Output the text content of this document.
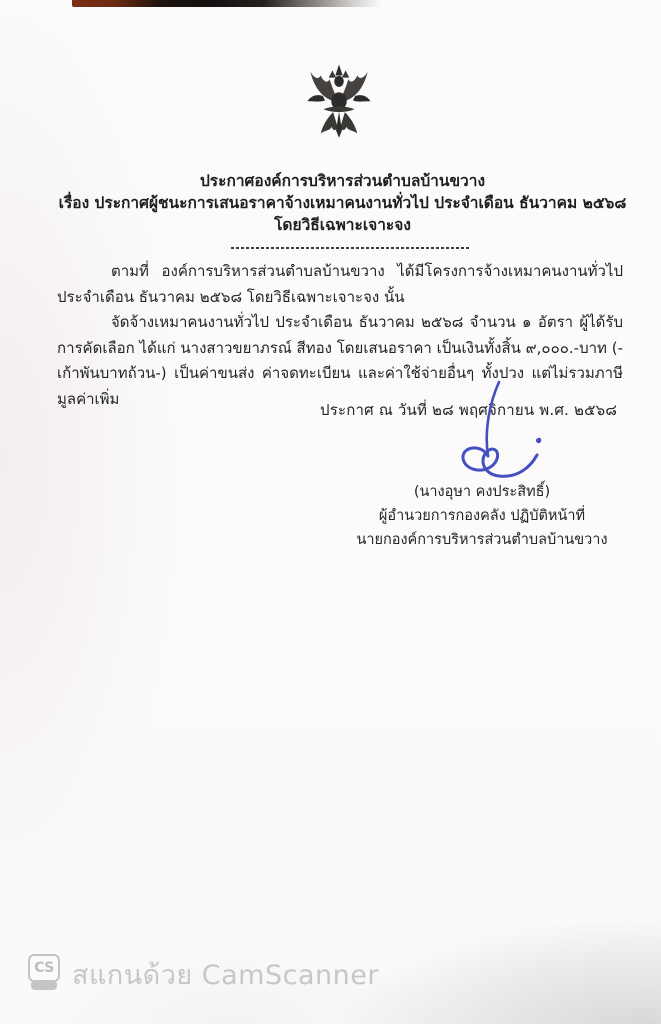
ประกาศองค์การบริหารส่วนตำบลบ้านขวาง
เรื่อง ประกาศผู้ชนะการเสนอราคาจ้างเหมาคนงานทั่วไป ประจำเดือน ธันวาคม ๒๕๖๘
โดยวิธีเฉพาะเจาะจง

ตามที่ องค์การบริหารส่วนตำบลบ้านขวาง ได้มีโครงการจ้างเหมาคนงานทั่วไป ประจำเดือน ธันวาคม ๒๕๖๘ โดยวิธีเฉพาะเจาะจง นั้น

จัดจ้างเหมาคนงานทั่วไป ประจำเดือน ธันวาคม ๒๕๖๘ จำนวน ๑ อัตรา ผู้ได้รับการคัดเลือก ได้แก่ นางสาวขยาภรณ์ สีทอง โดยเสนอราคา เป็นเงินทั้งสิ้น ๙,๐๐๐.-บาท (-เก้าพันบาทถ้วน-) เป็นค่าขนส่ง ค่าจดทะเบียน และค่าใช้จ่ายอื่นๆ ทั้งปวง แต่ไม่รวมภาษีมูลค่าเพิ่ม

ประกาศ ณ วันที่ ๒๘ พฤศจิกายน พ.ศ. ๒๕๖๘
(นางอุษา คงประสิทธิ์)
ผู้อำนวยการกองคลัง ปฏิบัติหน้าที่
นายกองค์การบริหารส่วนตำบลบ้านขวาง
CS สแกนด้วย CamScanner
